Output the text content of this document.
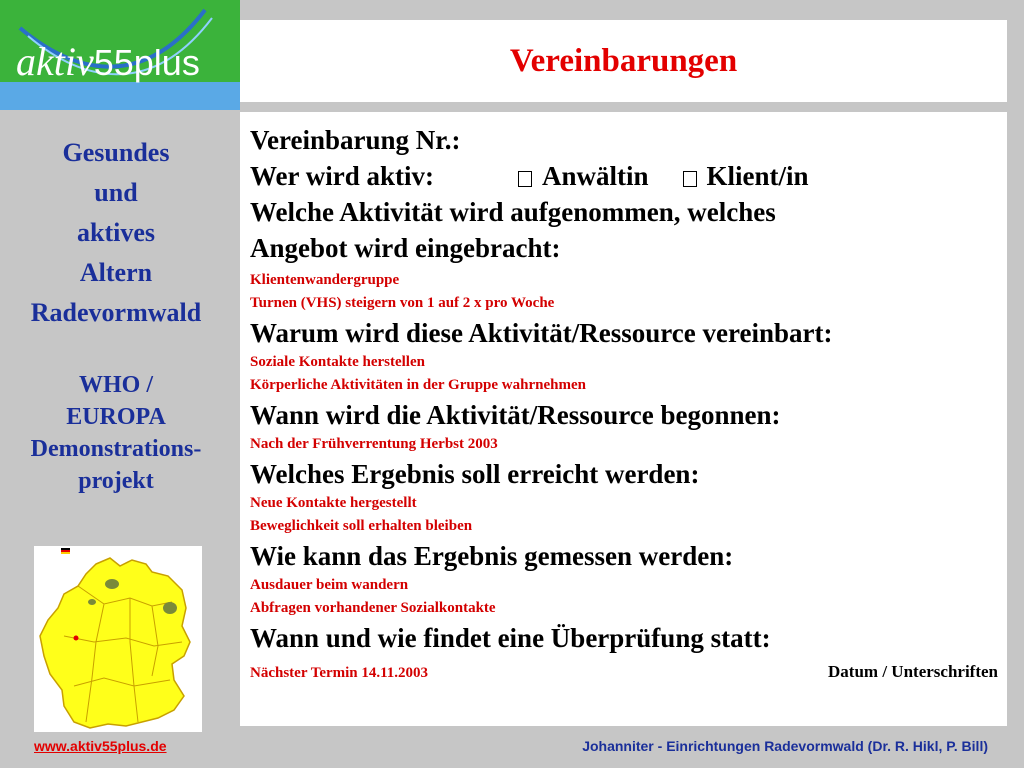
aktiv55plus	Vereinbarungen
Gesundes
und
aktives
Altern
Radevormwald
WHO /
EUROPA
Demonstrations-
projekt
Vereinbarung Nr.:
Wer wird aktiv:	Anwältin Klient/in
Welche Aktivität wird aufgenommen, welches
Angebot wird eingebracht:
Klientenwandergruppe
Turnen (VHS) steigern von 1 auf 2 x pro Woche
Warum wird diese Aktivität/Ressource vereinbart:
Soziale Kontakte herstellen
Körperliche Aktivitäten in der Gruppe wahrnehmen
Wann wird die Aktivität/Ressource begonnen:
Nach der Frühverrentung Herbst 2003
Welches Ergebnis soll erreicht werden:
Neue Kontakte hergestellt
Beweglichkeit soll erhalten bleiben
Wie kann das Ergebnis gemessen werden:
Ausdauer beim wandern
Abfragen vorhandener Sozialkontakte
Wann und wie findet eine Überprüfung statt:
Nächster Termin 14.11.2003	Datum / Unterschriften
www.aktiv55plus.de	Johanniter - Einrichtungen Radevormwald (Dr. R. Hikl, P. Bill)
